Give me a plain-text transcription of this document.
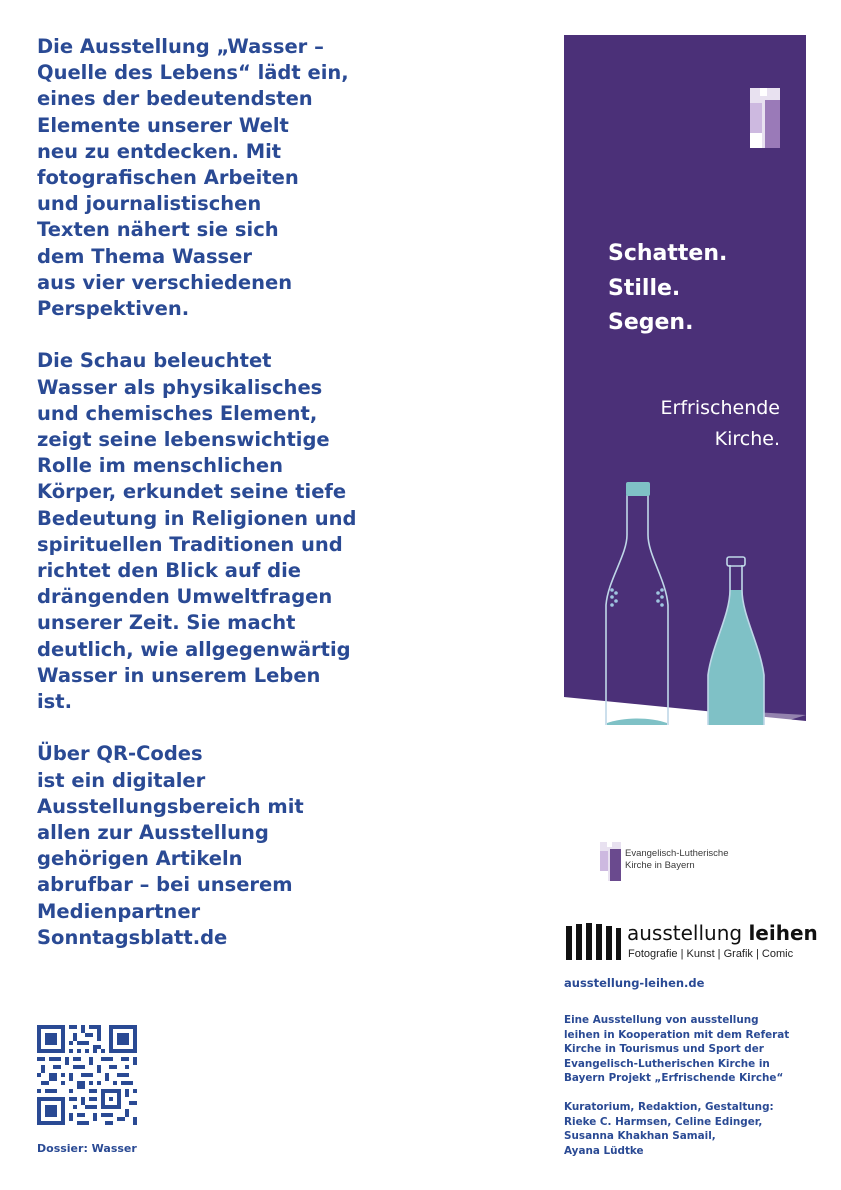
Die Ausstellung „Wasser –
Quelle des Lebens“ lädt ein,
eines der bedeutendsten
Elemente unserer Welt
neu zu entdecken. Mit
fotografischen Arbeiten
und journalistischen
Texten nähert sie sich
dem Thema Wasser
aus vier verschiedenen
Perspektiven.

Die Schau beleuchtet
Wasser als physikalisches
und chemisches Element,
zeigt seine lebenswichtige
Rolle im menschlichen
Körper, erkundet seine tiefe
Bedeutung in Religionen und
spirituellen Traditionen und
richtet den Blick auf die
drängenden Umweltfragen
unserer Zeit. Sie macht
deutlich, wie allgegenwärtig
Wasser in unserem Leben
ist.

Über QR-Codes
ist ein digitaler
Ausstellungsbereich mit
allen zur Ausstellung
gehörigen Artikeln
abrufbar – bei unserem
Medienpartner
Sonntagsblatt.de

Dossier: Wasser
Schatten.
Stille.
Segen.
Erfrischende
Kirche.
Evangelisch-Lutherische
Kirche in Bayern
ausstellung leihen
Fotografie | Kunst | Grafik | Comic
ausstellung-leihen.de

Eine Ausstellung von ausstellung
leihen in Kooperation mit dem Referat
Kirche in Tourismus und Sport der
Evangelisch-Lutherischen Kirche in
Bayern Projekt „Erfrischende Kirche“

Kuratorium, Redaktion, Gestaltung:
Rieke C. Harmsen, Celine Edinger,
Susanna Khakhan Samail,
Ayana Lüdtke
